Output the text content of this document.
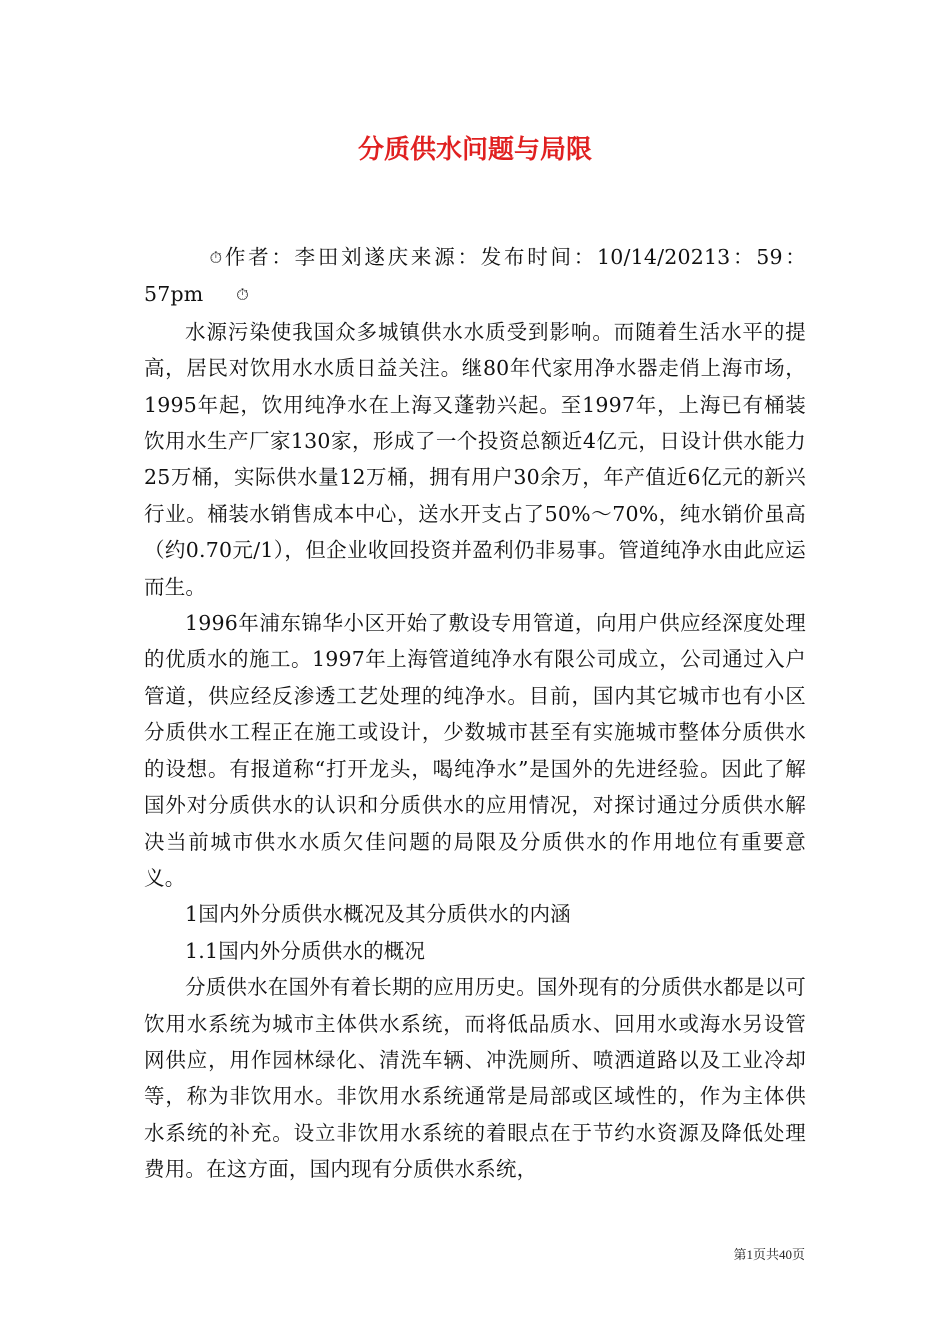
分质供水问题与局限

⏱作者：李田刘遂庆来源：发布时间：10/14/20213：59：57pm ⏱

水源污染使我国众多城镇供水水质受到影响。而随着生活水平的提高，居民对饮用水水质日益关注。继80年代家用净水器走俏上海市场，1995年起，饮用纯净水在上海又蓬勃兴起。至1997年，上海已有桶装饮用水生产厂家130家，形成了一个投资总额近4亿元，日设计供水能力25万桶，实际供水量12万桶，拥有用户30余万，年产值近6亿元的新兴行业。桶装水销售成本中心，送水开支占了50%～70%，纯水销价虽高（约0.70元/1），但企业收回投资并盈利仍非易事。管道纯净水由此应运而生。

1996年浦东锦华小区开始了敷设专用管道，向用户供应经深度处理的优质水的施工。1997年上海管道纯净水有限公司成立，公司通过入户管道，供应经反渗透工艺处理的纯净水。目前，国内其它城市也有小区分质供水工程正在施工或设计，少数城市甚至有实施城市整体分质供水的设想。有报道称“打开龙头，喝纯净水”是国外的先进经验。因此了解国外对分质供水的认识和分质供水的应用情况，对探讨通过分质供水解决当前城市供水水质欠佳问题的局限及分质供水的作用地位有重要意义。

1国内外分质供水概况及其分质供水的内涵

1.1国内外分质供水的概况

分质供水在国外有着长期的应用历史。国外现有的分质供水都是以可饮用水系统为城市主体供水系统，而将低品质水、回用水或海水另设管网供应，用作园林绿化、清洗车辆、冲洗厕所、喷洒道路以及工业冷却等，称为非饮用水。非饮用水系统通常是局部或区域性的，作为主体供水系统的补充。设立非饮用水系统的着眼点在于节约水资源及降低处理费用。在这方面，国内现有分质供水系统，

第1页共40页
